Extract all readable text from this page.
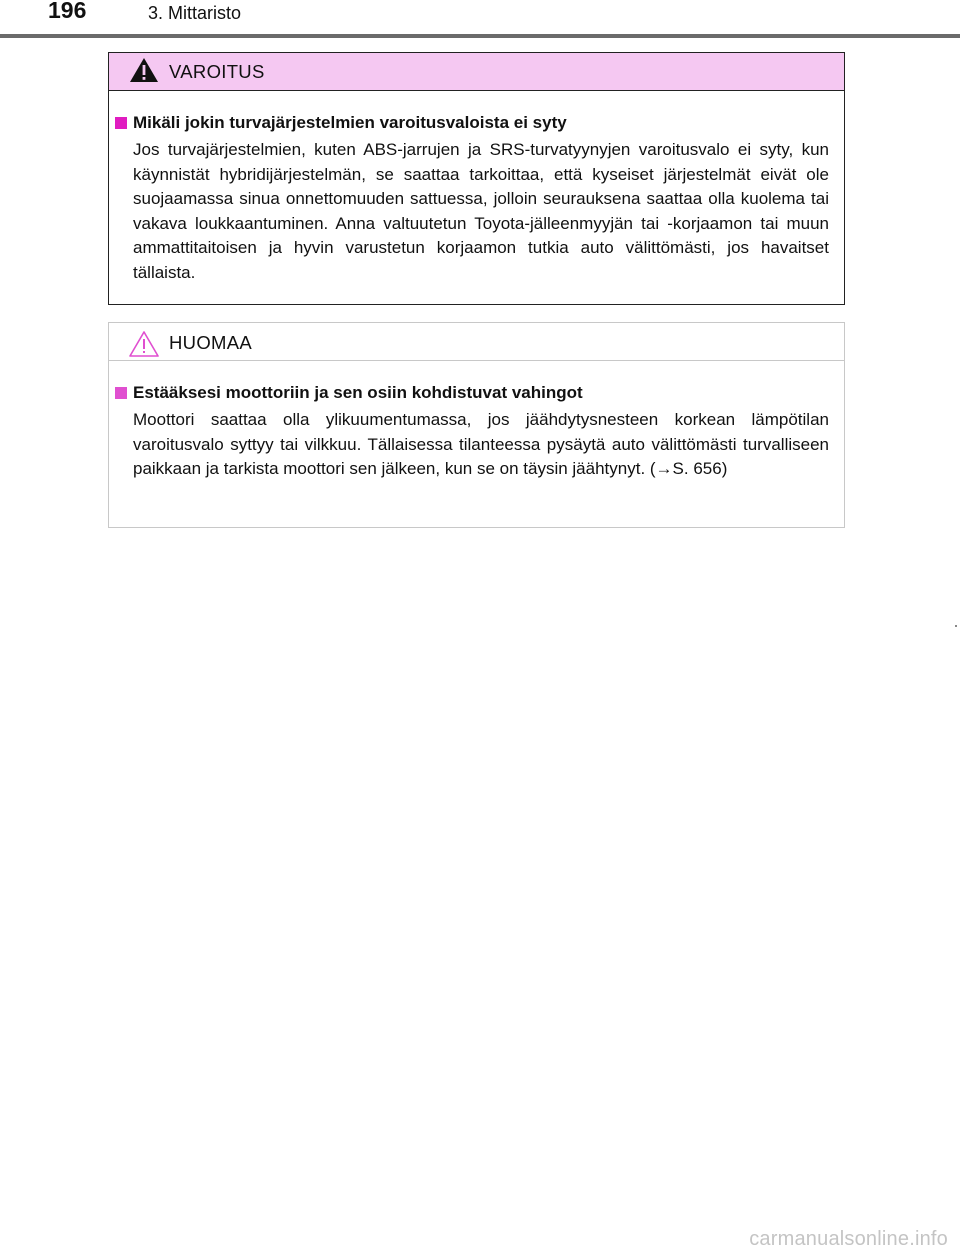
196	3. Mittaristo
VAROITUS
Mikäli jokin turvajärjestelmien varoitusvaloista ei syty

Jos turvajärjestelmien, kuten ABS-jarrujen ja SRS-turvatyynyjen varoitusvalo ei syty, kun käynnistät hybridijärjestelmän, se saattaa tarkoittaa, että kyseiset järjestelmät eivät ole suojaamassa sinua onnettomuuden sattuessa, jolloin seurauksena saattaa olla kuolema tai vakava loukkaantuminen. Anna valtuutetun Toyota-jälleenmyyjän tai -korjaamon tai muun ammattitaitoisen ja hyvin varustetun korjaamon tutkia auto välittömästi, jos havaitset tällaista.

HUOMAA
Estääksesi moottoriin ja sen osiin kohdistuvat vahingot

Moottori saattaa olla ylikuumentumassa, jos jäähdytysnesteen korkean lämpötilan varoitusvalo syttyy tai vilkkuu. Tällaisessa tilanteessa pysäytä auto välittömästi turvalliseen paikkaan ja tarkista moottori sen jälkeen, kun se on täysin jäähtynyt. (→S. 656)

carmanualsonline.info
